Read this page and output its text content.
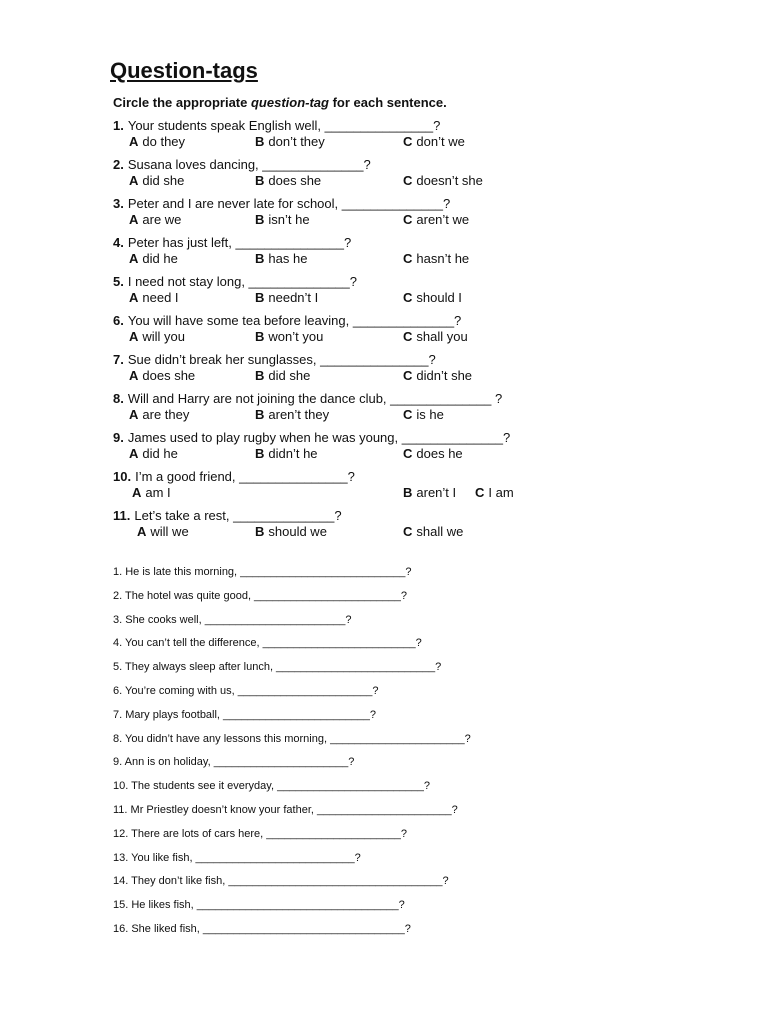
Question-tags
Circle the appropriate question-tag for each sentence.
1. Your students speak English well, _______________?
A do they	B don’t they	C don’t we
2. Susana loves dancing, ______________?
A did she	B does she	C doesn’t she
3. Peter and I are never late for school, ______________?
A are we	B isn’t he	C aren’t we
4. Peter has just left, _______________?
A did he	B has he	C hasn’t he
5. I need not stay long, ______________?
A need I	B needn’t I	C should I
6. You will have some tea before leaving, ______________?
A will you	B won’t you	C shall you
7. Sue didn’t break her sunglasses, _______________?
A does she	B did she	C didn’t she
8. Will and Harry are not joining the dance club, ______________ ?
A are they	B aren’t they	C is he
9. James used to play rugby when he was young, ______________?
A did he	B didn’t he	C does he
10. I’m a good friend, _______________?
A am I	B aren’t I C I am
11. Let’s take a rest, ______________?
A will we	B should we	C shall we
1. He is late this morning, ___________________________?
2. The hotel was quite good, ________________________?
3. She cooks well, _______________________?
4. You can’t tell the difference, _________________________?
5. They always sleep after lunch, __________________________?
6. You’re coming with us, ______________________?
7. Mary plays football, ________________________?
8. You didn’t have any lessons this morning, ______________________?
9. Ann is on holiday, ______________________?
10. The students see it everyday, ________________________?
11. Mr Priestley doesn’t know your father, ______________________?
12. There are lots of cars here, ______________________?
13. You like fish, __________________________?
14. They don’t like fish, ___________________________________?
15. He likes fish, _________________________________?
16. She liked fish, _________________________________?
